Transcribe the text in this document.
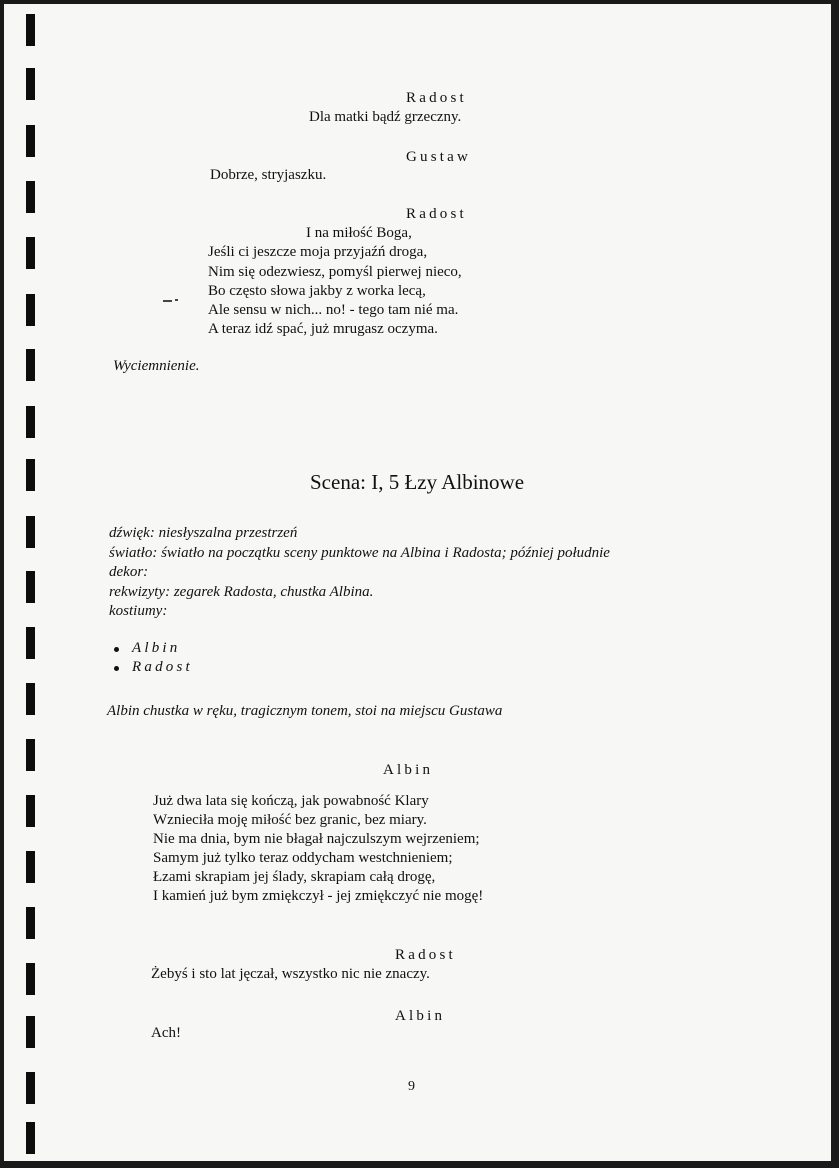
Radost
Dla matki bądź grzeczny.
Gustaw
Dobrze, stryjaszku.
Radost
I na miłość Boga,
Jeśli ci jeszcze moja przyjaźń droga,
Nim się odezwiesz, pomyśl pierwej nieco,
Bo często słowa jakby z worka lecą,
Ale sensu w nich... no! - tego tam nié ma.
A teraz idź spać, już mrugasz oczyma.
Wyciemnienie.
Scena: I, 5 Łzy Albinowe
dźwięk: niesłyszalna przestrzeń
światło: światło na początku sceny punktowe na Albina i Radosta; później południe
dekor:
rekwizyty: zegarek Radosta, chustka Albina.
kostiumy:
Albin
Radost
Albin chustka w ręku, tragicznym tonem, stoi na miejscu Gustawa
Albin
Już dwa lata się kończą, jak powabność Klary
Wznieciła moję miłość bez granic, bez miary.
Nie ma dnia, bym nie błagał najczulszym wejrzeniem;
Samym już tylko teraz oddycham westchnieniem;
Łzami skrapiam jej ślady, skrapiam całą drogę,
I kamień już bym zmiękczył - jej zmiękczyć nie mogę!
Radost
Żebyś i sto lat jęczał, wszystko nic nie znaczy.
Albin
Ach!
9
